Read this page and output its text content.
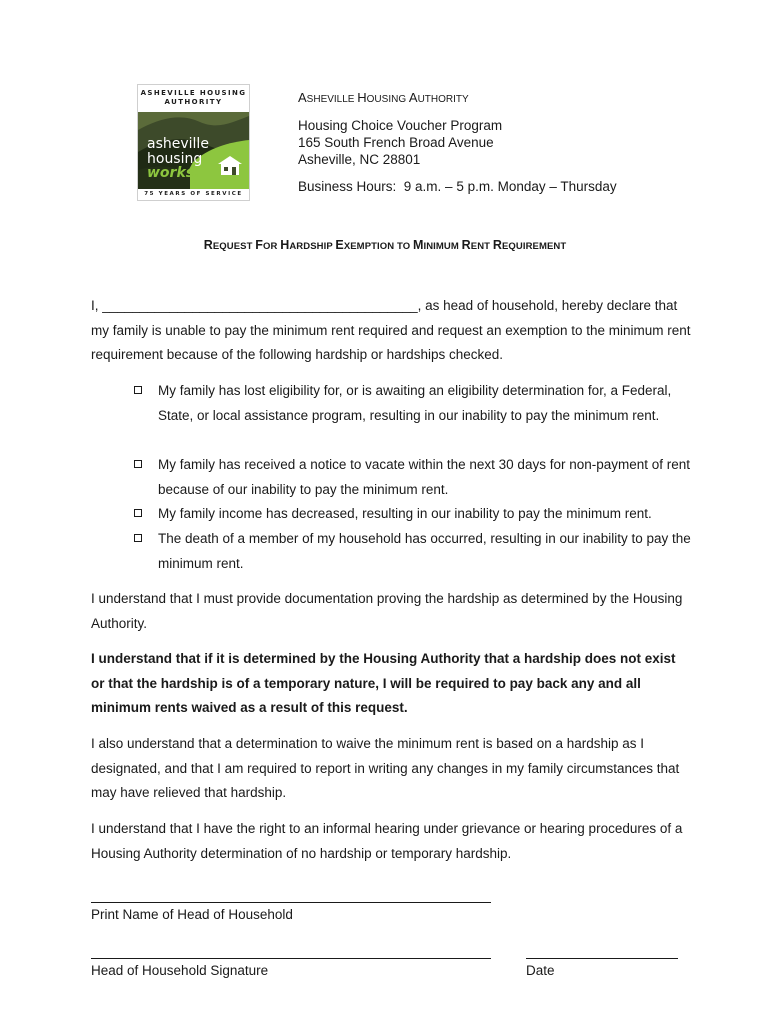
ASHEVILLE HOUSING
AUTHORITY
asheville
housing
works.
75 YEARS OF SERVICE
ASHEVILLE HOUSING AUTHORITY
Housing Choice Voucher Program
165 South French Broad Avenue
Asheville, NC 28801
Business Hours:  9 a.m. – 5 p.m. Monday – Thursday
REQUEST FOR HARDSHIP EXEMPTION TO MINIMUM RENT REQUIREMENT
I, __________________________________________, as head of household, hereby declare that my family is unable to pay the minimum rent required and request an exemption to the minimum rent requirement because of the following hardship or hardships checked.
My family has lost eligibility for, or is awaiting an eligibility determination for, a Federal, State, or local assistance program, resulting in our inability to pay the minimum rent.
My family has received a notice to vacate within the next 30 days for non-payment of rent because of our inability to pay the minimum rent.
My family income has decreased, resulting in our inability to pay the minimum rent.
The death of a member of my household has occurred, resulting in our inability to pay the minimum rent.
I understand that I must provide documentation proving the hardship as determined by the Housing Authority.
I understand that if it is determined by the Housing Authority that a hardship does not exist or that the hardship is of a temporary nature, I will be required to pay back any and all minimum rents waived as a result of this request.
I also understand that a determination to waive the minimum rent is based on a hardship as I designated, and that I am required to report in writing any changes in my family circumstances that may have relieved that hardship.
I understand that I have the right to an informal hearing under grievance or hearing procedures of a Housing Authority determination of no hardship or temporary hardship.
Print Name of Head of Household
Head of Household Signature	Date
